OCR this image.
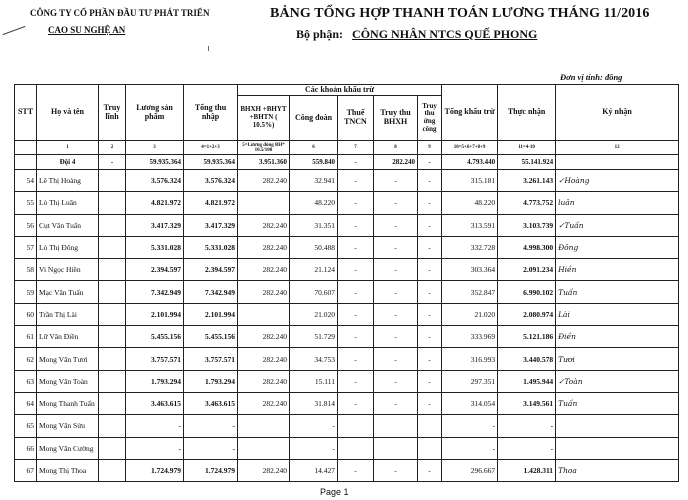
CÔNG TY CỔ PHẦN ĐẦU TƯ PHÁT TRIỂN
CAO SU NGHỆ AN
BẢNG TỔNG HỢP THANH TOÁN LƯƠNG THÁNG 11/2016
Bộ phận: CÔNG NHÂN NTCS QUẾ PHONG
Đơn vị tính: đồng
STT	Họ và tên	Truy lĩnh	Lương sản phẩm	Tổng thu nhập	Các khoản khấu trừ					Tổng khấu trừ	Thực nhận	Ký nhận
					BHXH +BHYT +BHTN ( 10.5%)	Công đoàn	Thuế TNCN	Truy thu BHXH	Truy thu ứng công			
	1	2	3	4=1+2+3	5=Lương đóng BH* 10.5/100	6	7	8	9	10=5+6+7+8+9	11=4-10	12
	Đội 4	-	59.935.364	59.935.364	3.951.360	559.840	-	282.240	-	4.793.440	55.141.924	
54	Lê Thị Hoàng		3.576.324	3.576.324	282.240	32.941	-	-	-	315.181	3.261.143	✓Hoàng
55	Lò Thị Luân		4.821.972	4.821.972		48.220	-	-	-	48.220	4.773.752	luân
56	Cụt Văn Tuấn		3.417.329	3.417.329	282.240	31.351	-	-	-	313.591	3.103.739	✓Tuấn
57	Lò Thị Đông		5.331.028	5.331.028	282.240	50.488	-	-	-	332.728	4.998.300	Đông
58	Vi Ngọc Hiền		2.394.597	2.394.597	282.240	21.124	-	-	-	303.364	2.091.234	Hiền
59	Mạc Văn Tuấn		7.342.949	7.342.949	282.240	70.607	-	-	-	352.847	6.990.102	Tuấn
60	Trần Thị Lài		2.101.994	2.101.994		21.020	-	-	-	21.020	2.080.974	Lài
61	Lữ Văn Điền		5.455.156	5.455.156	282.240	51.729	-	-	-	333.969	5.121.186	Điền
62	Mong Văn Tươi		3.757.571	3.757.571	282.240	34.753	-	-	-	316.993	3.440.578	Tươi
63	Mong Văn Toàn		1.793.294	1.793.294	282.240	15.111	-	-	-	297.351	1.495.944	✓Toàn
64	Mong Thanh Tuấn		3.463.615	3.463.615	282.240	31.814	-	-	-	314.054	3.149.561	Tuấn
65	Mong Văn Sửu		-	-		-				-	-	
66	Mong Văn Cường		-	-		-				-	-	
67	Mong Thị Thoa		1.724.979	1.724.979	282.240	14.427	-	-	-	296.667	1.428.311	Thoa
Page 1
